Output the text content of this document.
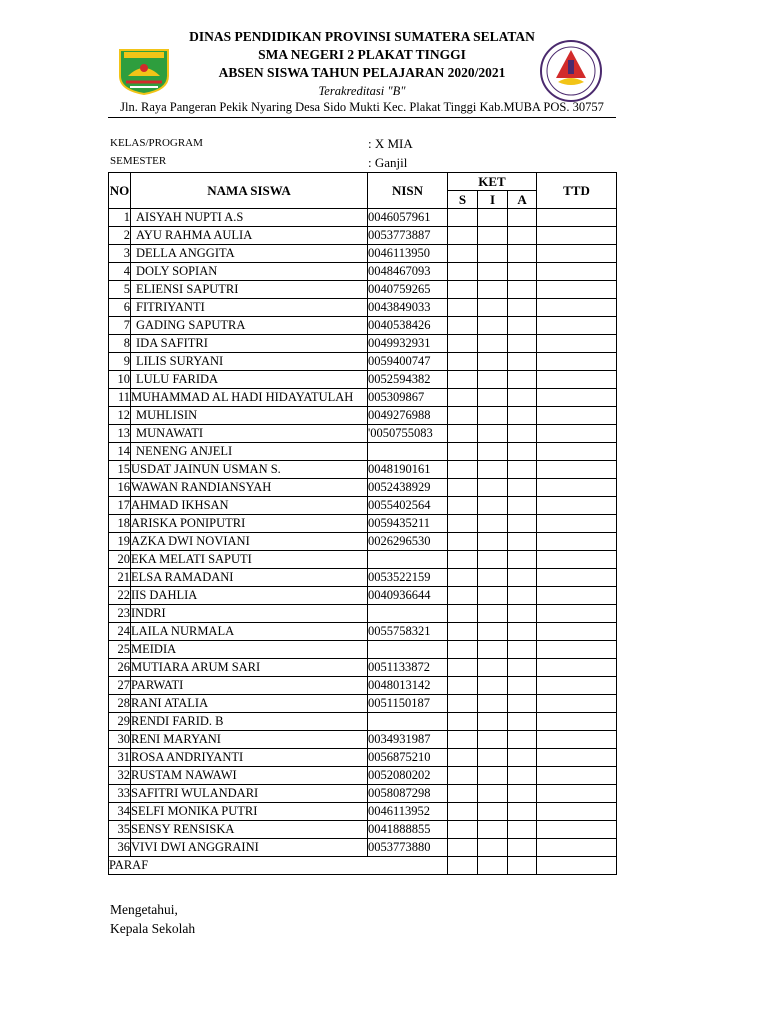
DINAS PENDIDIKAN PROVINSI SUMATERA SELATAN
SMA NEGERI 2 PLAKAT TINGGI
ABSEN SISWA TAHUN PELAJARAN 2020/2021
Terakreditasi "B"
Jln. Raya Pangeran Pekik Nyaring Desa Sido Mukti Kec. Plakat Tinggi Kab.MUBA POS. 30757
KELAS/PROGRAM	: X MIA
SEMESTER	: Ganjil
NO	NAMA SISWA	NISN	KET			TTD
			S	I	A	
1	AISYAH NUPTI A.S	0046057961				
2	AYU RAHMA AULIA	0053773887				
3	DELLA ANGGITA	0046113950				
4	DOLY SOPIAN	0048467093				
5	ELIENSI SAPUTRI	0040759265				
6	FITRIYANTI	0043849033				
7	GADING SAPUTRA	0040538426				
8	IDA SAFITRI	0049932931				
9	LILIS SURYANI	0059400747				
10	LULU FARIDA	0052594382				
11	MUHAMMAD AL HADI HIDAYATULAH	005309867				
12	MUHLISIN	0049276988				
13	MUNAWATI	'0050755083				
14	NENENG ANJELI					
15	USDAT JAINUN USMAN S.	0048190161				
16	WAWAN RANDIANSYAH	0052438929				
17	AHMAD IKHSAN	0055402564				
18	ARISKA PONIPUTRI	0059435211				
19	AZKA DWI NOVIANI	0026296530				
20	EKA MELATI SAPUTI					
21	ELSA RAMADANI	0053522159				
22	IIS DAHLIA	0040936644				
23	INDRI					
24	LAILA NURMALA	0055758321				
25	MEIDIA					
26	MUTIARA ARUM SARI	0051133872				
27	PARWATI	0048013142				
28	RANI ATALIA	0051150187				
29	RENDI FARID. B					
30	RENI MARYANI	0034931987				
31	ROSA ANDRIYANTI	0056875210				
32	RUSTAM NAWAWI	0052080202				
33	SAFITRI WULANDARI	0058087298				
34	SELFI MONIKA PUTRI	0046113952				
35	SENSY RENSISKA	0041888855				
36	VIVI DWI ANGGRAINI	0053773880				
PARAF						
Mengetahui,
Kepala Sekolah
